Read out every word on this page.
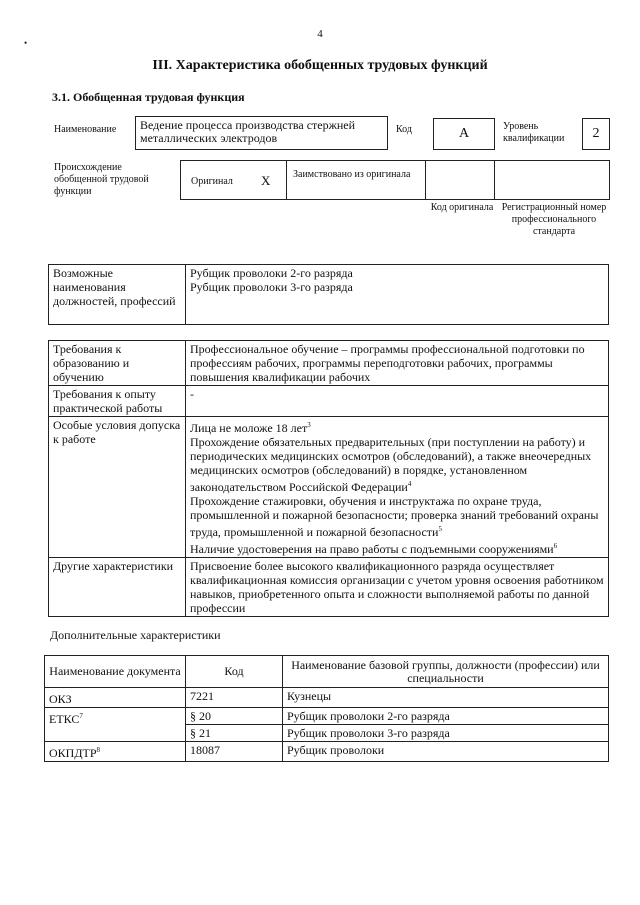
4
•
III. Характеристика обобщенных трудовых функций
3.1. Обобщенная трудовая функция
Наименование	Ведение процесса производства стержней металлических электродов
Код	A	Уровень квалификации	2
Происхождение обобщенной трудовой функции
Оригинал X Заимствовано из оригинала
Код оригинала Регистрационный номер профессионального стандарта
Возможные наименования должностей, профессий	
Рубщик проволоки 2-го разряда
Рубщик проволоки 3-го разряда
Требования к образованию и обучению	Профессиональное обучение – программы профессиональной подготовки по профессиям рабочих, программы переподготовки рабочих, программы повышения квалификации рабочих
Требования к опыту практической работы	-
Особые условия допуска к работе	Лица не моложе 18 лет$^3$
Прохождение обязательных предварительных (при поступлении на работу) и периодических медицинских осмотров (обследований), а также внеочередных медицинских осмотров (обследований) в порядке, установленном законодательством Российской Федерации$^4$
Прохождение стажировки, обучения и инструктажа по охране труда, промышленной и пожарной безопасности; проверка знаний требований охраны труда, промышленной и пожарной безопасности$^5$
Наличие удостоверения на право работы с подъемными сооружениями$^6$

Другие характеристики	Присвоение более высокого квалификационного разряда осуществляет квалификационная комиссия организации с учетом уровня освоения работником навыков, приобретенного опыта и сложности выполняемой работы по данной профессии
Дополнительные характеристики
Наименование документа	Код	Наименование базовой группы, должности (профессии) или специальности
ОКЗ	7221	Кузнецы
ЕТКС$^7$	§ 20	Рубщик проволоки 2-го разряда
	§ 21	Рубщик проволоки 3-го разряда
ОКПДТР$^8$	18087	Рубщик проволоки
